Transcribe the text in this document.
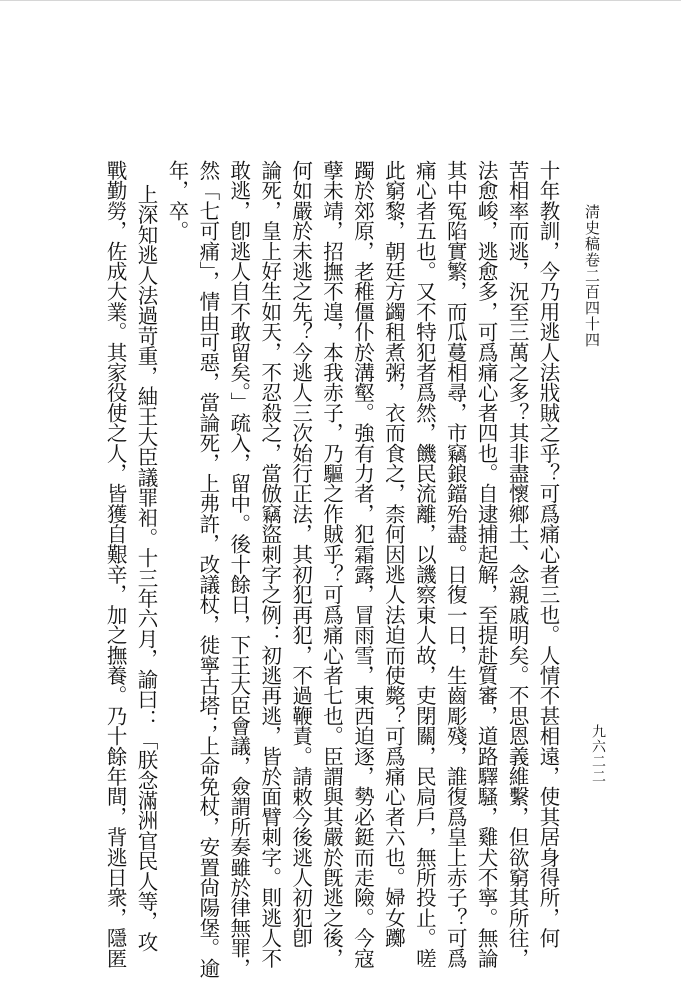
淸史稿卷二百四十四
十年教訓，今乃用逃人法戕賊之乎？可爲痛心者三也。人情不甚相遠，使其居身得所，何
苦相率而逃，況至三萬之多？其非盡懷鄉土、念親戚明矣。不思恩義維繫，但欲窮其所往，
法愈峻，逃愈多，可爲痛心者四也。自逮捕起解，至提赴質審，道路驛騷，雞犬不寧。無論
其中冤陷實繁，而瓜蔓相尋，市竊鋃鐺殆盡。日復一日，生齒彫殘，誰復爲皇上赤子？可爲
痛心者五也。又不特犯者爲然，饑民流離，以譏察東人故，吏閉關，民扃戶，無所投止。嗟
此窮黎，朝廷方蠲租煮粥，衣而食之，柰何因逃人法迫而使斃？可爲痛心者六也。婦女躑
躅於郊原，老稚僵仆於溝壑。強有力者，犯霜露，冒雨雪，東西迫逐，勢必鋌而走險。今寇
孽未靖，招撫不遑，本我赤子，乃驅之作賊乎？可爲痛心者七也。臣謂與其嚴於旣逃之後，
何如嚴於未逃之先？今逃人三次始行正法，其初犯再犯，不過鞭責。請敕今後逃人初犯卽
論死，皇上好生如天，不忍殺之，當倣竊盜刺字之例：初逃再逃，皆於面臂刺字。則逃人不
敢逃，卽逃人自不敢留矣。」疏入，留中。後十餘日，下王大臣會議，僉謂所奏雖於律無罪，
然「七可痛」，情由可惡，當論死，上弗許，改議杖，徙寧古塔；上命免杖，安置尙陽堡。逾
年，卒。
上深知逃人法過苛重，紬王大臣議罪衵。十三年六月，諭曰：「朕念滿洲官民人等，攻
戰勤勞，佐成大業。其家役使之人，皆獲自艱辛，加之撫養。乃十餘年間，背逃日衆，隱匿	九六二二
